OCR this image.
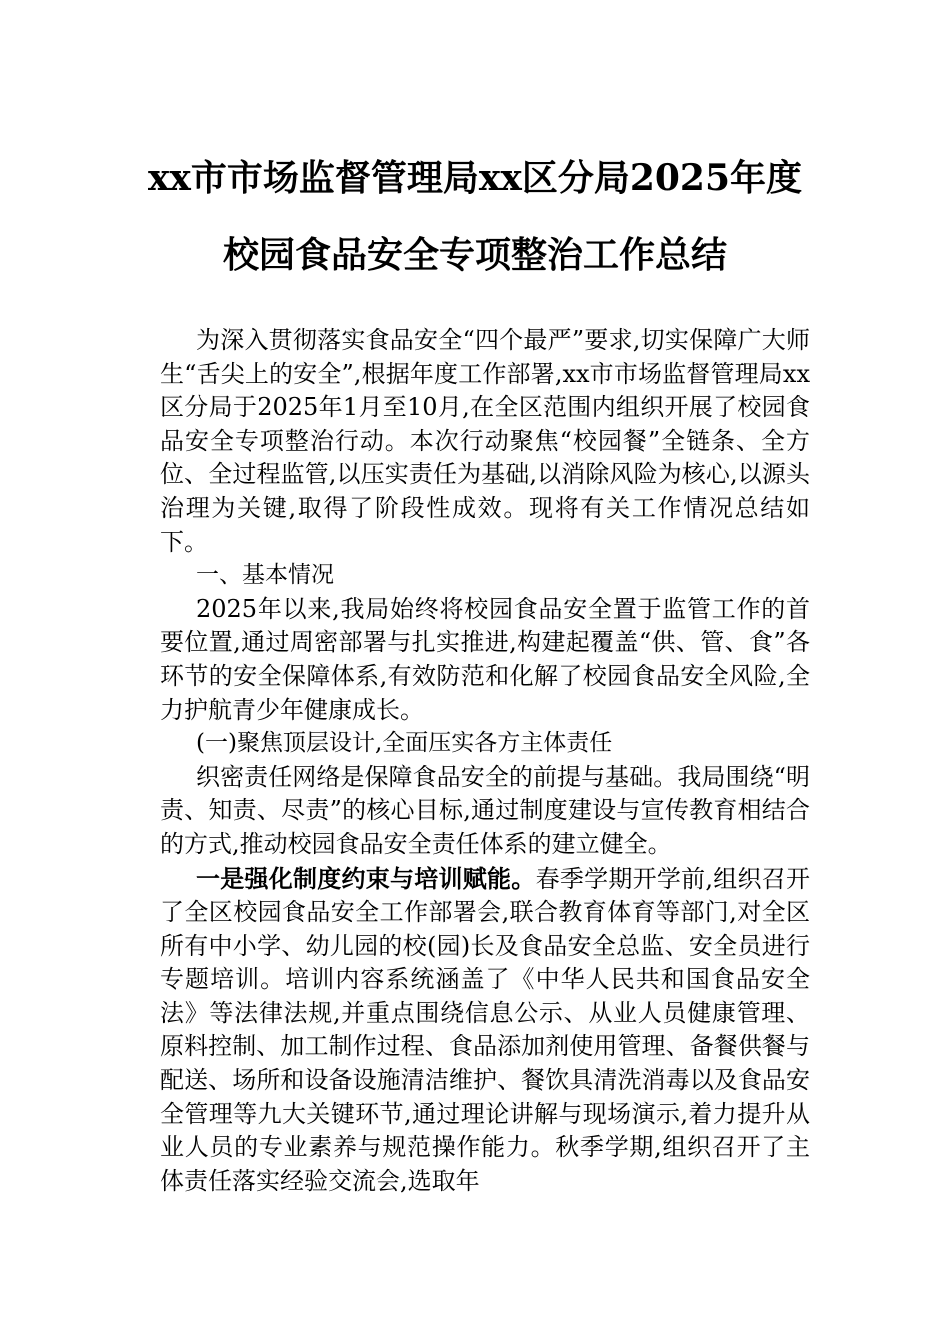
xx市市场监督管理局xx区分局2025年度
校园食品安全专项整治工作总结

为深入贯彻落实食品安全“四个最严”要求,切实保障广大师生“舌尖上的安全”,根据年度工作部署,xx市市场监督管理局xx区分局于2025年1月至10月,在全区范围内组织开展了校园食品安全专项整治行动。本次行动聚焦“校园餐”全链条、全方位、全过程监管,以压实责任为基础,以消除风险为核心,以源头治理为关键,取得了阶段性成效。现将有关工作情况总结如下。

一、基本情况

2025年以来,我局始终将校园食品安全置于监管工作的首要位置,通过周密部署与扎实推进,构建起覆盖“供、管、食”各环节的安全保障体系,有效防范和化解了校园食品安全风险,全力护航青少年健康成长。

(一)聚焦顶层设计,全面压实各方主体责任

织密责任网络是保障食品安全的前提与基础。我局围绕“明责、知责、尽责”的核心目标,通过制度建设与宣传教育相结合的方式,推动校园食品安全责任体系的建立健全。

一是强化制度约束与培训赋能。春季学期开学前,组织召开了全区校园食品安全工作部署会,联合教育体育等部门,对全区所有中小学、幼儿园的校(园)长及食品安全总监、安全员进行专题培训。培训内容系统涵盖了《中华人民共和国食品安全法》等法律法规,并重点围绕信息公示、从业人员健康管理、原料控制、加工制作过程、食品添加剂使用管理、备餐供餐与配送、场所和设备设施清洁维护、餐饮具清洗消毒以及食品安全管理等九大关键环节,通过理论讲解与现场演示,着力提升从业人员的专业素养与规范操作能力。秋季学期,组织召开了主体责任落实经验交流会,选取年
